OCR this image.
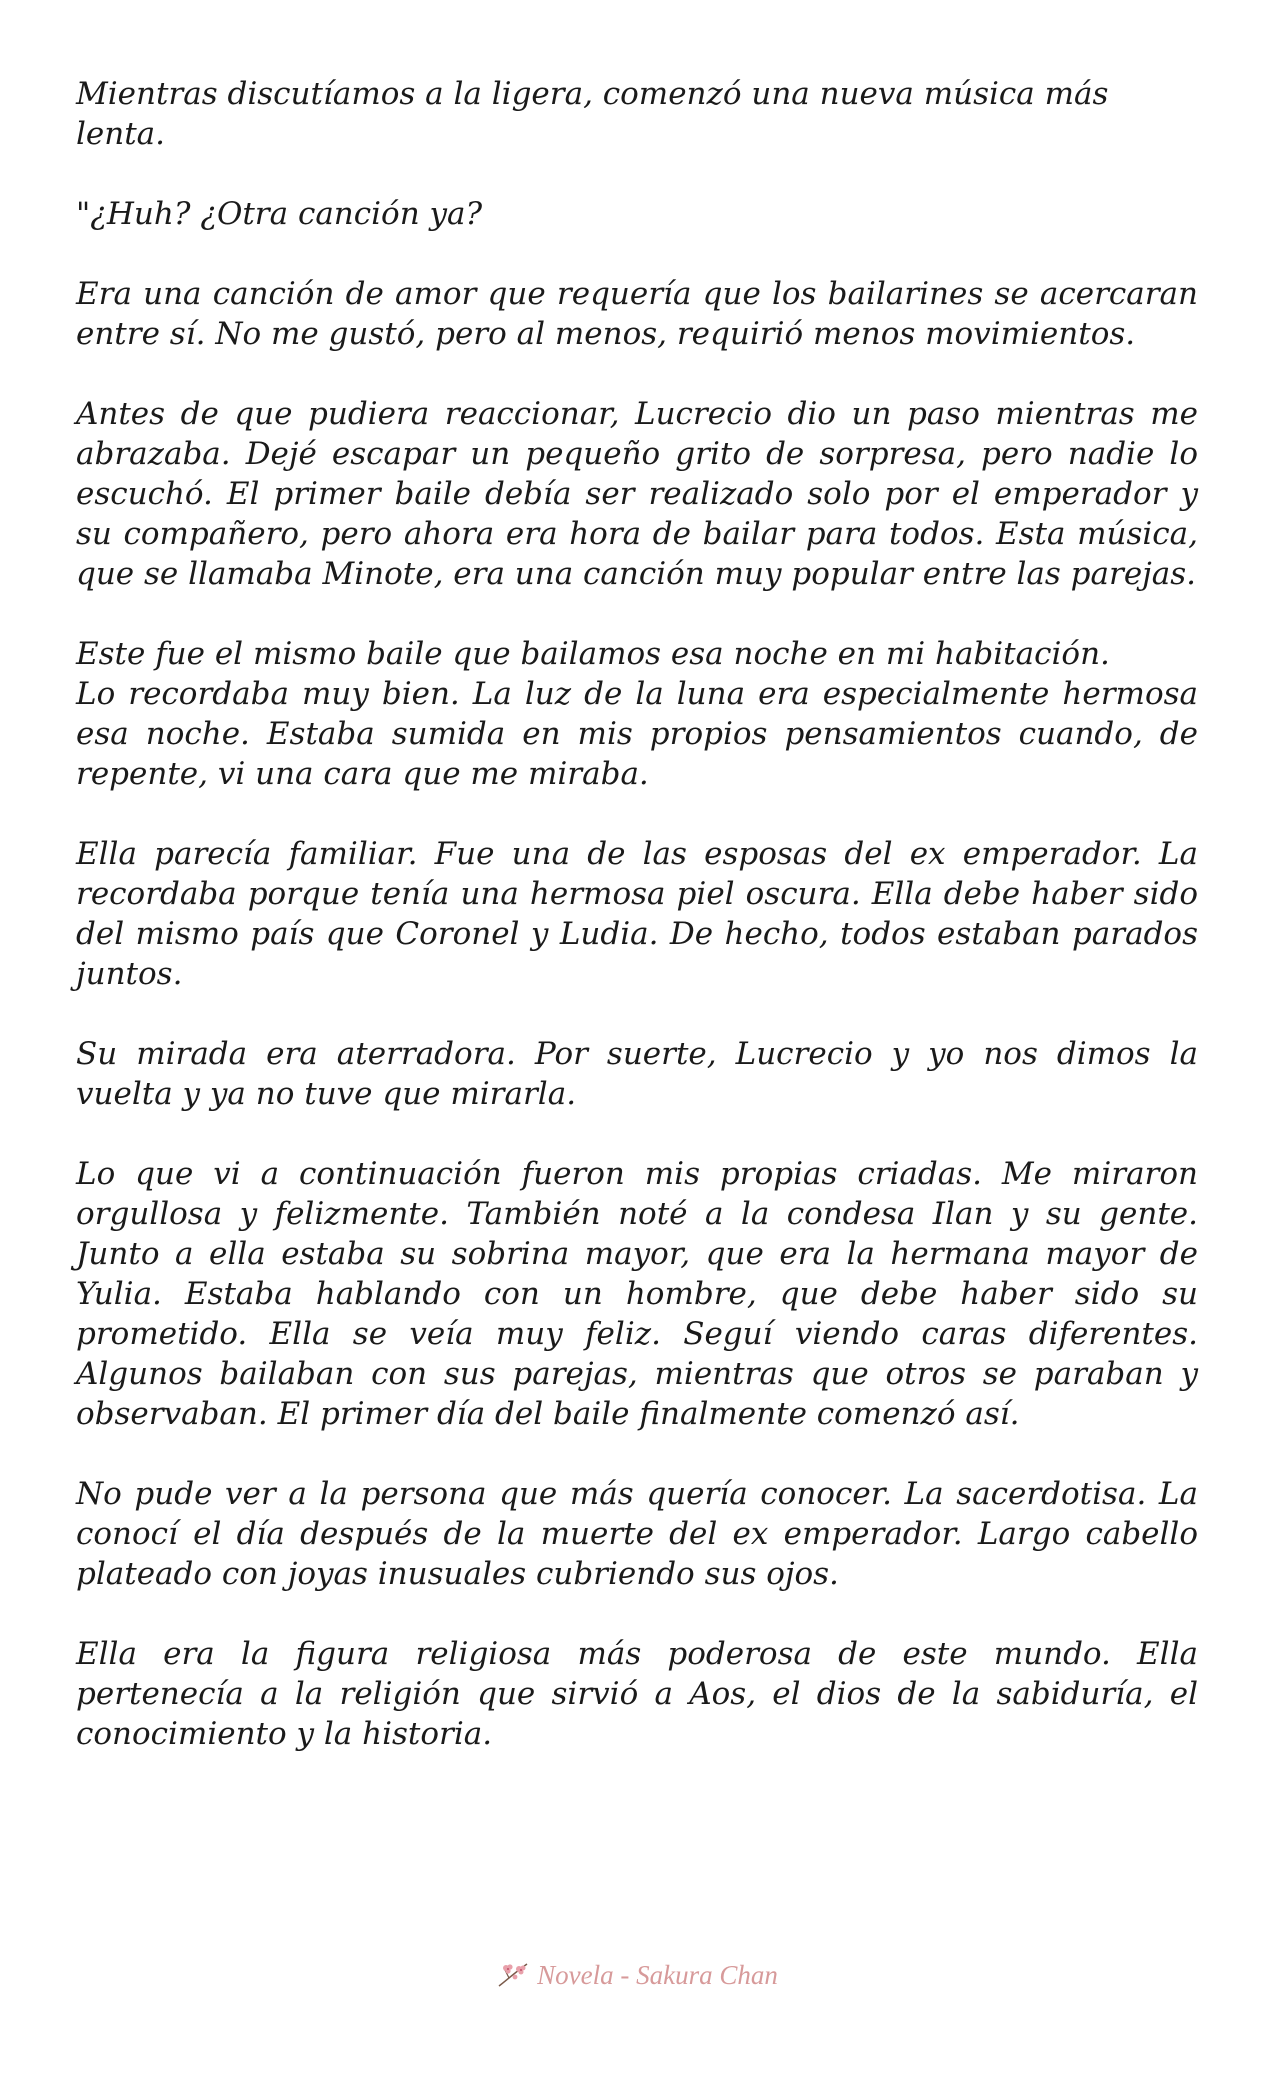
Mientras discutíamos a la ligera, comenzó una nueva música más
lenta.

"¿Huh? ¿Otra canción ya?

Era una canción de amor que requería que los bailarines se acercaran entre sí. No me gustó, pero al menos, requirió menos movimientos.

Antes de que pudiera reaccionar, Lucrecio dio un paso mientras me abrazaba. Dejé escapar un pequeño grito de sorpresa, pero nadie lo escuchó. El primer baile debía ser realizado solo por el emperador y su compañero, pero ahora era hora de bailar para todos. Esta música, que se llamaba Minote, era una canción muy popular entre las parejas.

Este fue el mismo baile que bailamos esa noche en mi habitación.
Lo recordaba muy bien. La luz de la luna era especialmente hermosa esa noche. Estaba sumida en mis propios pensamientos cuando, de repente, vi una cara que me miraba.

Ella parecía familiar. Fue una de las esposas del ex emperador. La recordaba porque tenía una hermosa piel oscura. Ella debe haber sido del mismo país que Coronel y Ludia. De hecho, todos estaban parados juntos.

Su mirada era aterradora. Por suerte, Lucrecio y yo nos dimos la vuelta y ya no tuve que mirarla.

Lo que vi a continuación fueron mis propias criadas. Me miraron orgullosa y felizmente. También noté a la condesa Ilan y su gente. Junto a ella estaba su sobrina mayor, que era la hermana mayor de Yulia. Estaba hablando con un hombre, que debe haber sido su prometido. Ella se veía muy feliz. Seguí viendo caras diferentes. Algunos bailaban con sus parejas, mientras que otros se paraban y observaban. El primer día del baile finalmente comenzó así.

No pude ver a la persona que más quería conocer. La sacerdotisa. La conocí el día después de la muerte del ex emperador. Largo cabello plateado con joyas inusuales cubriendo sus ojos.

Ella era la figura religiosa más poderosa de este mundo. Ella pertenecía a la religión que sirvió a Aos, el dios de la sabiduría, el conocimiento y la historia.

Novela - Sakura Chan
